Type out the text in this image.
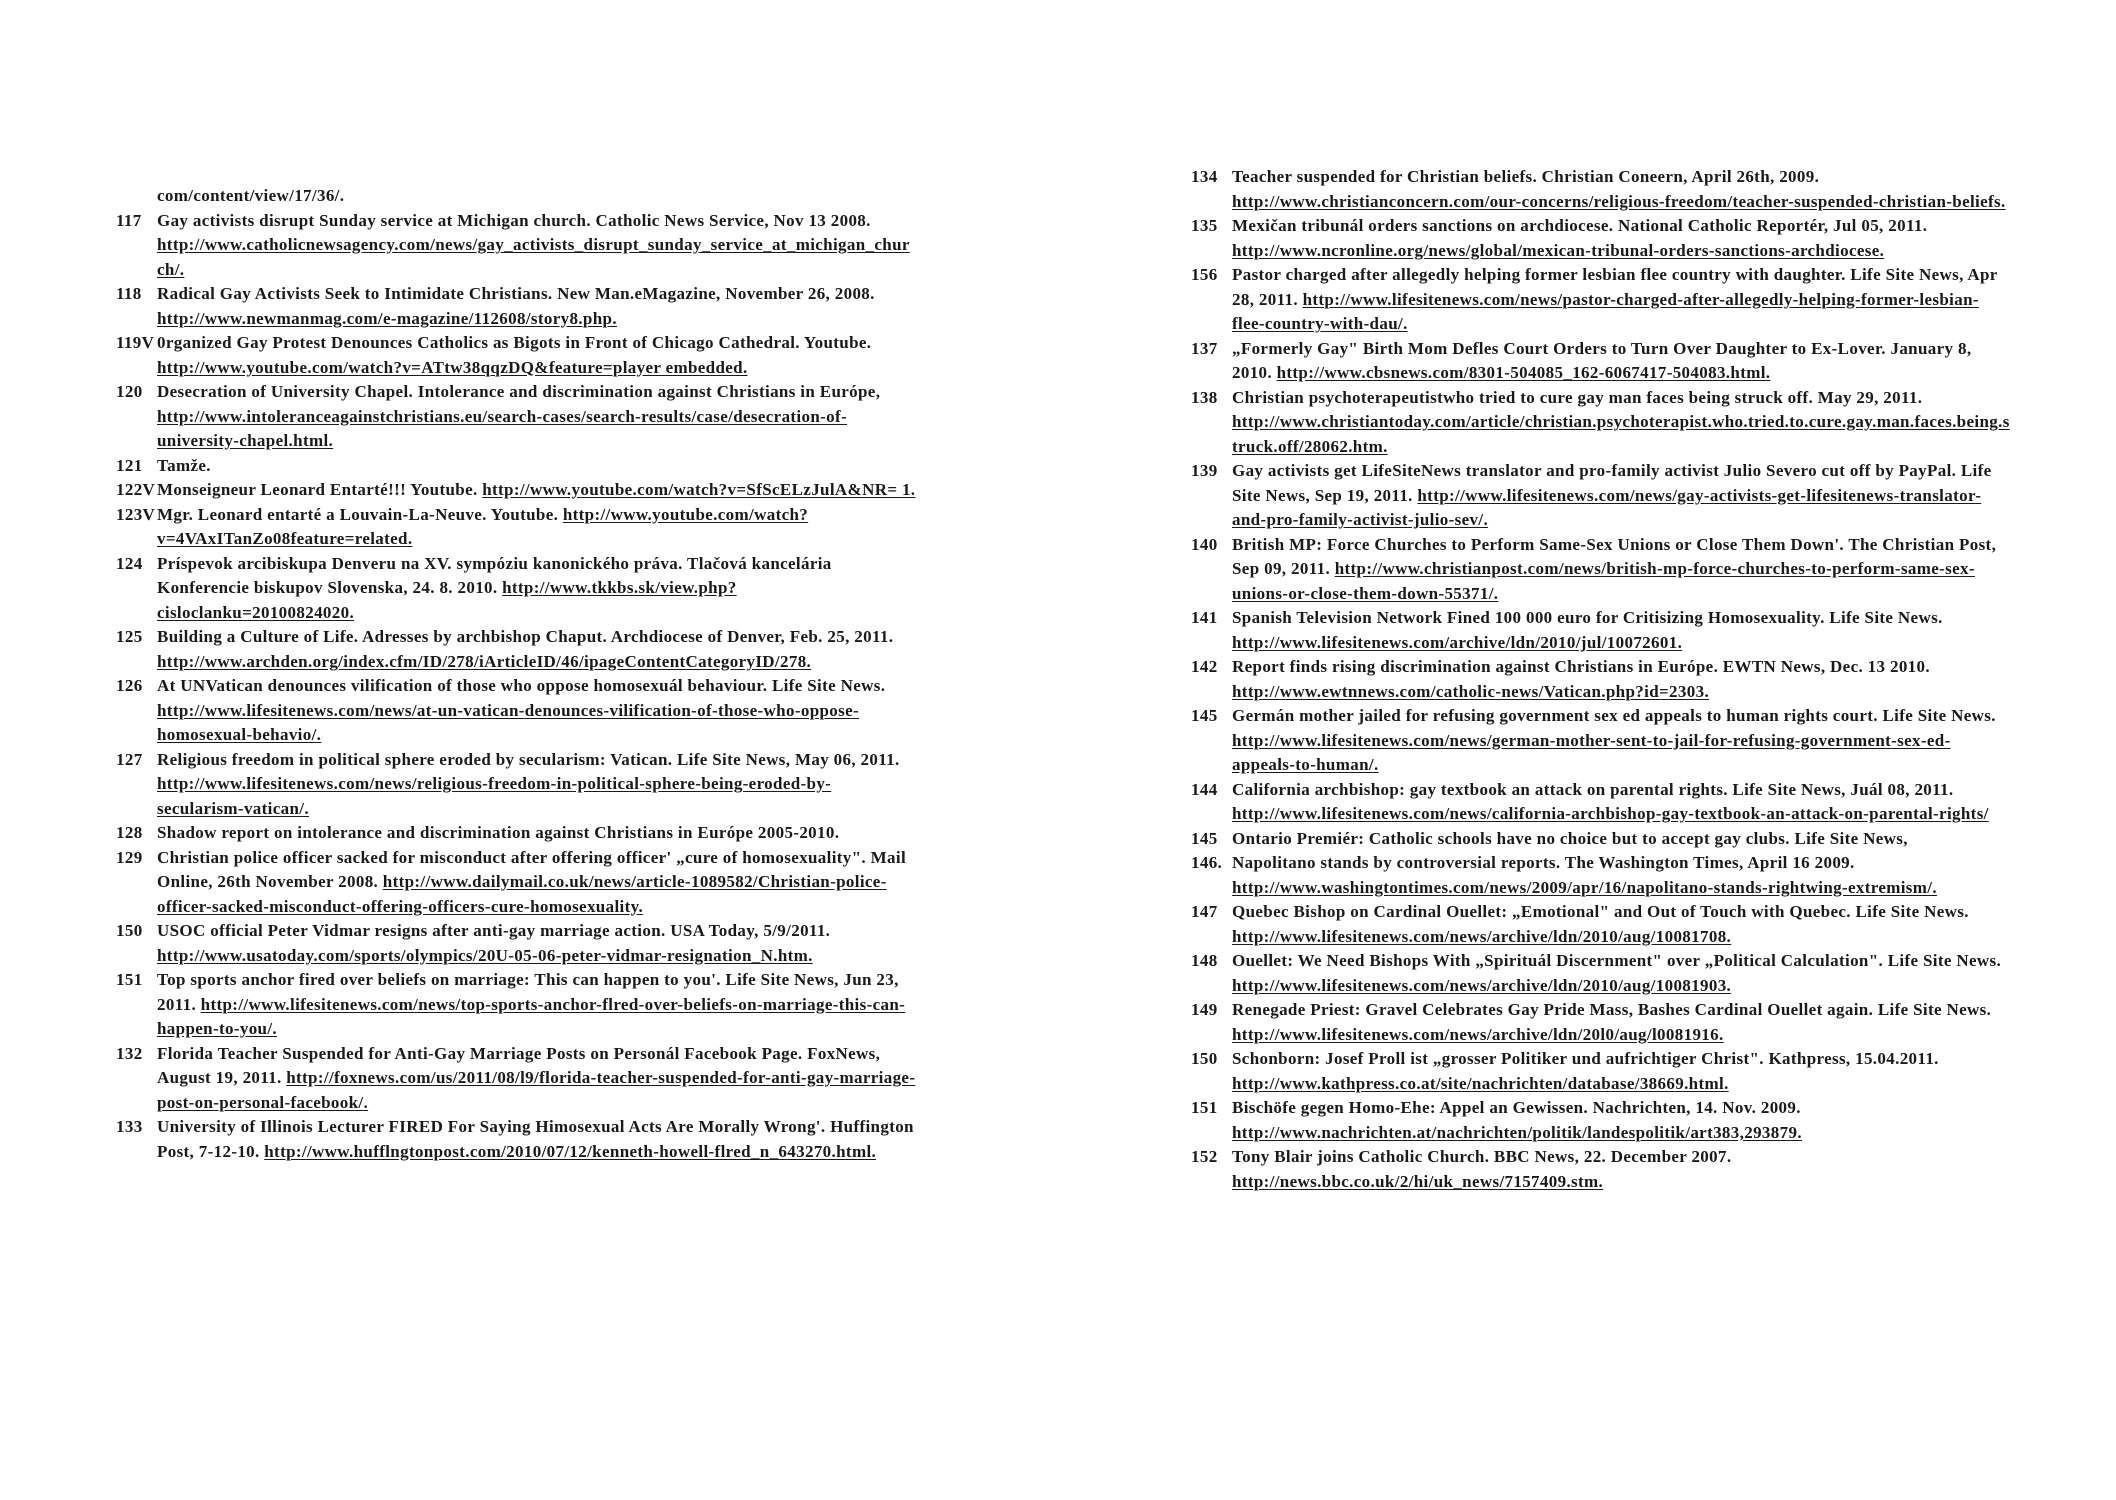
com/content/view/17/36/.
117 Gay activists disrupt Sunday service at Michigan church. Catholic News Service, Nov 13 2008. http://www.catholicnewsagency.com/news/gay_activists_disrupt_sunday_service_at_michigan_church/.
118 Radical Gay Activists Seek to Intimidate Christians. New Man.eMagazine, November 26, 2008. http://www.newmanmag.com/e-magazine/112608/story8.php.
119V 0rganized Gay Protest Denounces Catholics as Bigots in Front of Chicago Cathedral. Youtube. http://www.youtube.com/watch?v=ATtw38qqzDQ&feature=player embedded.
120 Desecration of University Chapel. Intolerance and discrimination against Christians in Európe, http://www.intoleranceagainstchristians.eu/search-cases/search-results/case/desecration-of-university-chapel.html.
121 Tamže.
122V Monseigneur Leonard Entarté!!! Youtube. http://www.youtube.com/watch?v=SfScELzJulA&NR= 1.
123V Mgr. Leonard entarté a Louvain-La-Neuve. Youtube. http://www.youtube.com/watch?v=4VAxITanZo08feature=related.
124 Príspevok arcibiskupa Denveru na XV. sympóziu kanonického práva. Tlačová kancelária Konferencie biskupov Slovenska, 24. 8. 2010. http://www.tkkbs.sk/view.php?cisloclanku=20100824020.
125 Building a Culture of Life. Adresses by archbishop Chaput. Archdiocese of Denver, Feb. 25, 2011. http://www.archden.org/index.cfm/ID/278/iArticleID/46/ipageContentCategoryID/278.
126 At UNVatican denounces vilification of those who oppose homosexuál behaviour. Life Site News. http://www.lifesitenews.com/news/at-un-vatican-denounces-vilification-of-those-who-oppose-homosexual-behavio/.
127 Religious freedom in political sphere eroded by secularism: Vatican. Life Site News, May 06, 2011. http://www.lifesitenews.com/news/religious-freedom-in-political-sphere-being-eroded-by-secularism-vatican/.
128 Shadow report on intolerance and discrimination against Christians in Európe 2005-2010.
129 Christian police officer sacked for misconduct after offering officer' „cure of homosexuality". Mail Online, 26th November 2008. http://www.dailymail.co.uk/news/article-1089582/Christian-police-officer-sacked-misconduct-offering-officers-cure-homosexuality.
150 USOC official Peter Vidmar resigns after anti-gay marriage action. USA Today, 5/9/2011. http://www.usatoday.com/sports/olympics/20U-05-06-peter-vidmar-resignation_N.htm.
151 Top sports anchor fired over beliefs on marriage: This can happen to you'. Life Site News, Jun 23, 2011. http://www.lifesitenews.com/news/top-sports-anchor-flred-over-beliefs-on-marriage-this-can-happen-to-you/.
132 Florida Teacher Suspended for Anti-Gay Marriage Posts on Personál Facebook Page. FoxNews, August 19, 2011. http://foxnews.com/us/2011/08/l9/florida-teacher-suspended-for-anti-gay-marriage-post-on-personal-facebook/.
133 University of Illinois Lecturer FIRED For Saying Himosexual Acts Are Morally Wrong'. Huffington Post, 7-12-10. http://www.hufflngtonpost.com/2010/07/12/kenneth-howell-flred_n_643270.html.
134 Teacher suspended for Christian beliefs. Christian Coneern, April 26th, 2009. http://www.christianconcern.com/our-concerns/religious-freedom/teacher-suspended-christian-beliefs.
135 Mexičan tribunál orders sanctions on archdiocese. National Catholic Reportér, Jul 05, 2011. http://www.ncronline.org/news/global/mexican-tribunal-orders-sanctions-archdiocese.
156 Pastor charged after allegedly helping former lesbian flee country with daughter. Life Site News, Apr 28, 2011. http://www.lifesitenews.com/news/pastor-charged-after-allegedly-helping-former-lesbian-flee-country-with-dau/.
137 „Formerly Gay" Birth Mom Defles Court Orders to Turn Over Daughter to Ex-Lover. January 8, 2010. http://www.cbsnews.com/8301-504085_162-6067417-504083.html.
138 Christian psychoterapeutistwho tried to cure gay man faces being struck off. May 29, 2011. http://www.christiantoday.com/article/christian.psychoterapist.who.tried.to.cure.gay.man.faces.being.struck.off/28062.htm.
139 Gay activists get LifeSiteNews translator and pro-family activist Julio Severo cut off by PayPal. Life Site News, Sep 19, 2011. http://www.lifesitenews.com/news/gay-activists-get-lifesitenews-translator-and-pro-family-activist-julio-sev/.
140 British MP: Force Churches to Perform Same-Sex Unions or Close Them Down'. The Christian Post, Sep 09, 2011. http://www.christianpost.com/news/british-mp-force-churches-to-perform-same-sex-unions-or-close-them-down-55371/.
141 Spanish Television Network Fined 100 000 euro for Critisizing Homosexuality. Life Site News. http://www.lifesitenews.com/archive/ldn/2010/jul/10072601.
142 Report finds rising discrimination against Christians in Európe. EWTN News, Dec. 13 2010. http://www.ewtnnews.com/catholic-news/Vatican.php?id=2303.
145 Germán mother jailed for refusing government sex ed appeals to human rights court. Life Site News. http://www.lifesitenews.com/news/german-mother-sent-to-jail-for-refusing-government-sex-ed-appeals-to-human/.
144 California archbishop: gay textbook an attack on parental rights. Life Site News, Juál 08, 2011. http://www.lifesitenews.com/news/california-archbishop-gay-textbook-an-attack-on-parental-rights/
145 Ontario Premiér: Catholic schools have no choice but to accept gay clubs. Life Site News,
146. Napolitano stands by controversial reports. The Washington Times, April 16 2009. http://www.washingtontimes.com/news/2009/apr/16/napolitano-stands-rightwing-extremism/.
147 Quebec Bishop on Cardinal Ouellet: „Emotional" and Out of Touch with Quebec. Life Site News. http://www.lifesitenews.com/news/archive/ldn/2010/aug/10081708.
148 Ouellet: We Need Bishops With „Spirituál Discernment" over „Political Calculation". Life Site News. http://www.lifesitenews.com/news/archive/ldn/2010/aug/10081903.
149 Renegade Priest: Gravel Celebrates Gay Pride Mass, Bashes Cardinal Ouellet again. Life Site News. http://www.lifesitenews.com/news/archive/ldn/20l0/aug/l0081916.
150 Schonborn: Josef Proll ist „grosser Politiker und aufrichtiger Christ". Kathpress, 15.04.2011. http://www.kathpress.co.at/site/nachrichten/database/38669.html.
151 Bischöfe gegen Homo-Ehe: Appel an Gewissen. Nachrichten, 14. Nov. 2009. http://www.nachrichten.at/nachrichten/politik/landespolitik/art383,293879.
152 Tony Blair joins Catholic Church. BBC News, 22. December 2007. http://news.bbc.co.uk/2/hi/uk_news/7157409.stm.
